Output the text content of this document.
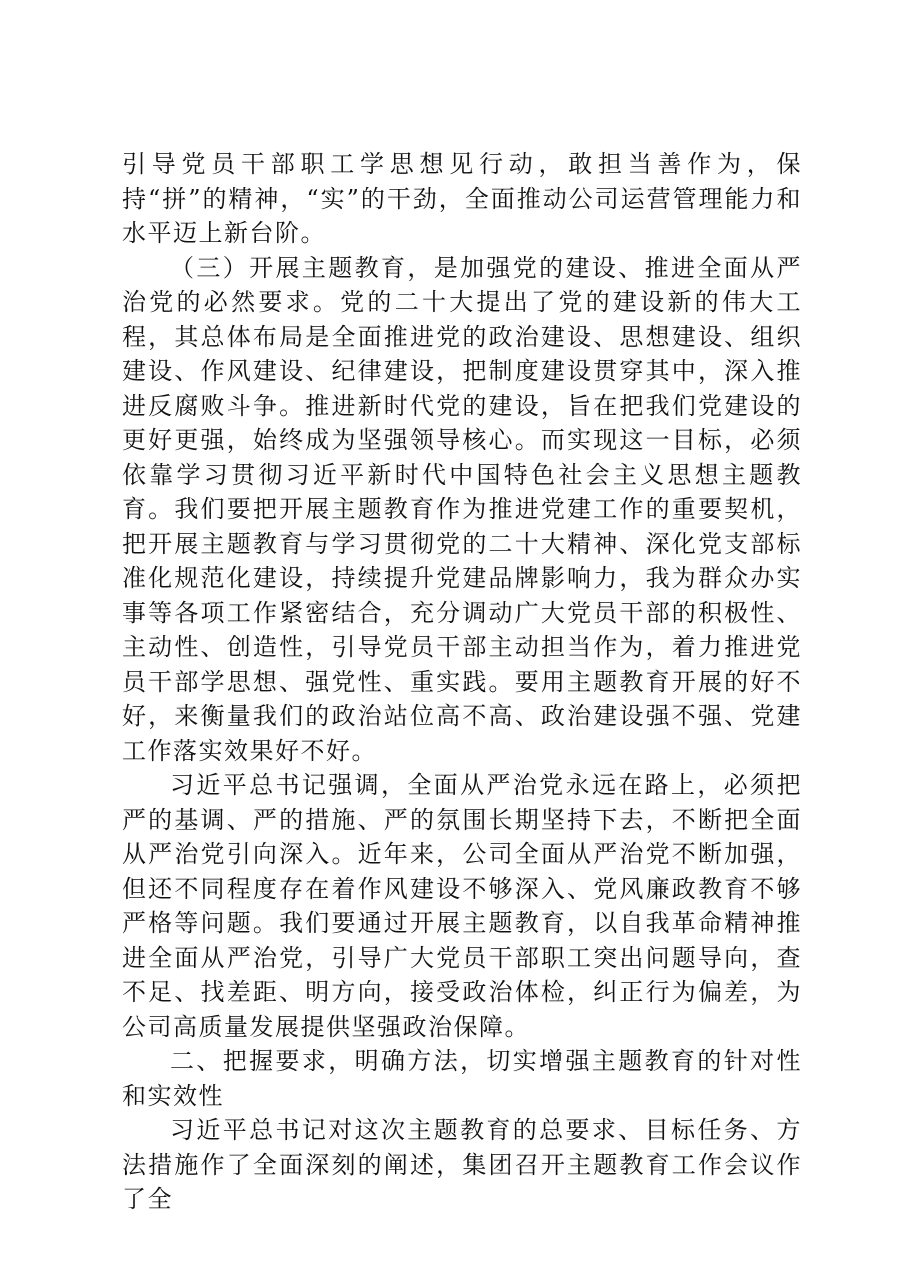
引导党员干部职工学思想见行动，敢担当善作为，保持“拼”的精神，“实”的干劲，全面推动公司运营管理能力和水平迈上新台阶。

（三）开展主题教育，是加强党的建设、推进全面从严治党的必然要求。党的二十大提出了党的建设新的伟大工程，其总体布局是全面推进党的政治建设、思想建设、组织建设、作风建设、纪律建设，把制度建设贯穿其中，深入推进反腐败斗争。推进新时代党的建设，旨在把我们党建设的更好更强，始终成为坚强领导核心。而实现这一目标，必须依靠学习贯彻习近平新时代中国特色社会主义思想主题教育。我们要把开展主题教育作为推进党建工作的重要契机，把开展主题教育与学习贯彻党的二十大精神、深化党支部标准化规范化建设，持续提升党建品牌影响力，我为群众办实事等各项工作紧密结合，充分调动广大党员干部的积极性、主动性、创造性，引导党员干部主动担当作为，着力推进党员干部学思想、强党性、重实践。要用主题教育开展的好不好，来衡量我们的政治站位高不高、政治建设强不强、党建工作落实效果好不好。

习近平总书记强调，全面从严治党永远在路上，必须把严的基调、严的措施、严的氛围长期坚持下去，不断把全面从严治党引向深入。近年来，公司全面从严治党不断加强，但还不同程度存在着作风建设不够深入、党风廉政教育不够严格等问题。我们要通过开展主题教育，以自我革命精神推进全面从严治党，引导广大党员干部职工突出问题导向，查不足、找差距、明方向，接受政治体检，纠正行为偏差，为公司高质量发展提供坚强政治保障。

二、把握要求，明确方法，切实增强主题教育的针对性和实效性

习近平总书记对这次主题教育的总要求、目标任务、方法措施作了全面深刻的阐述，集团召开主题教育工作会议作了全
